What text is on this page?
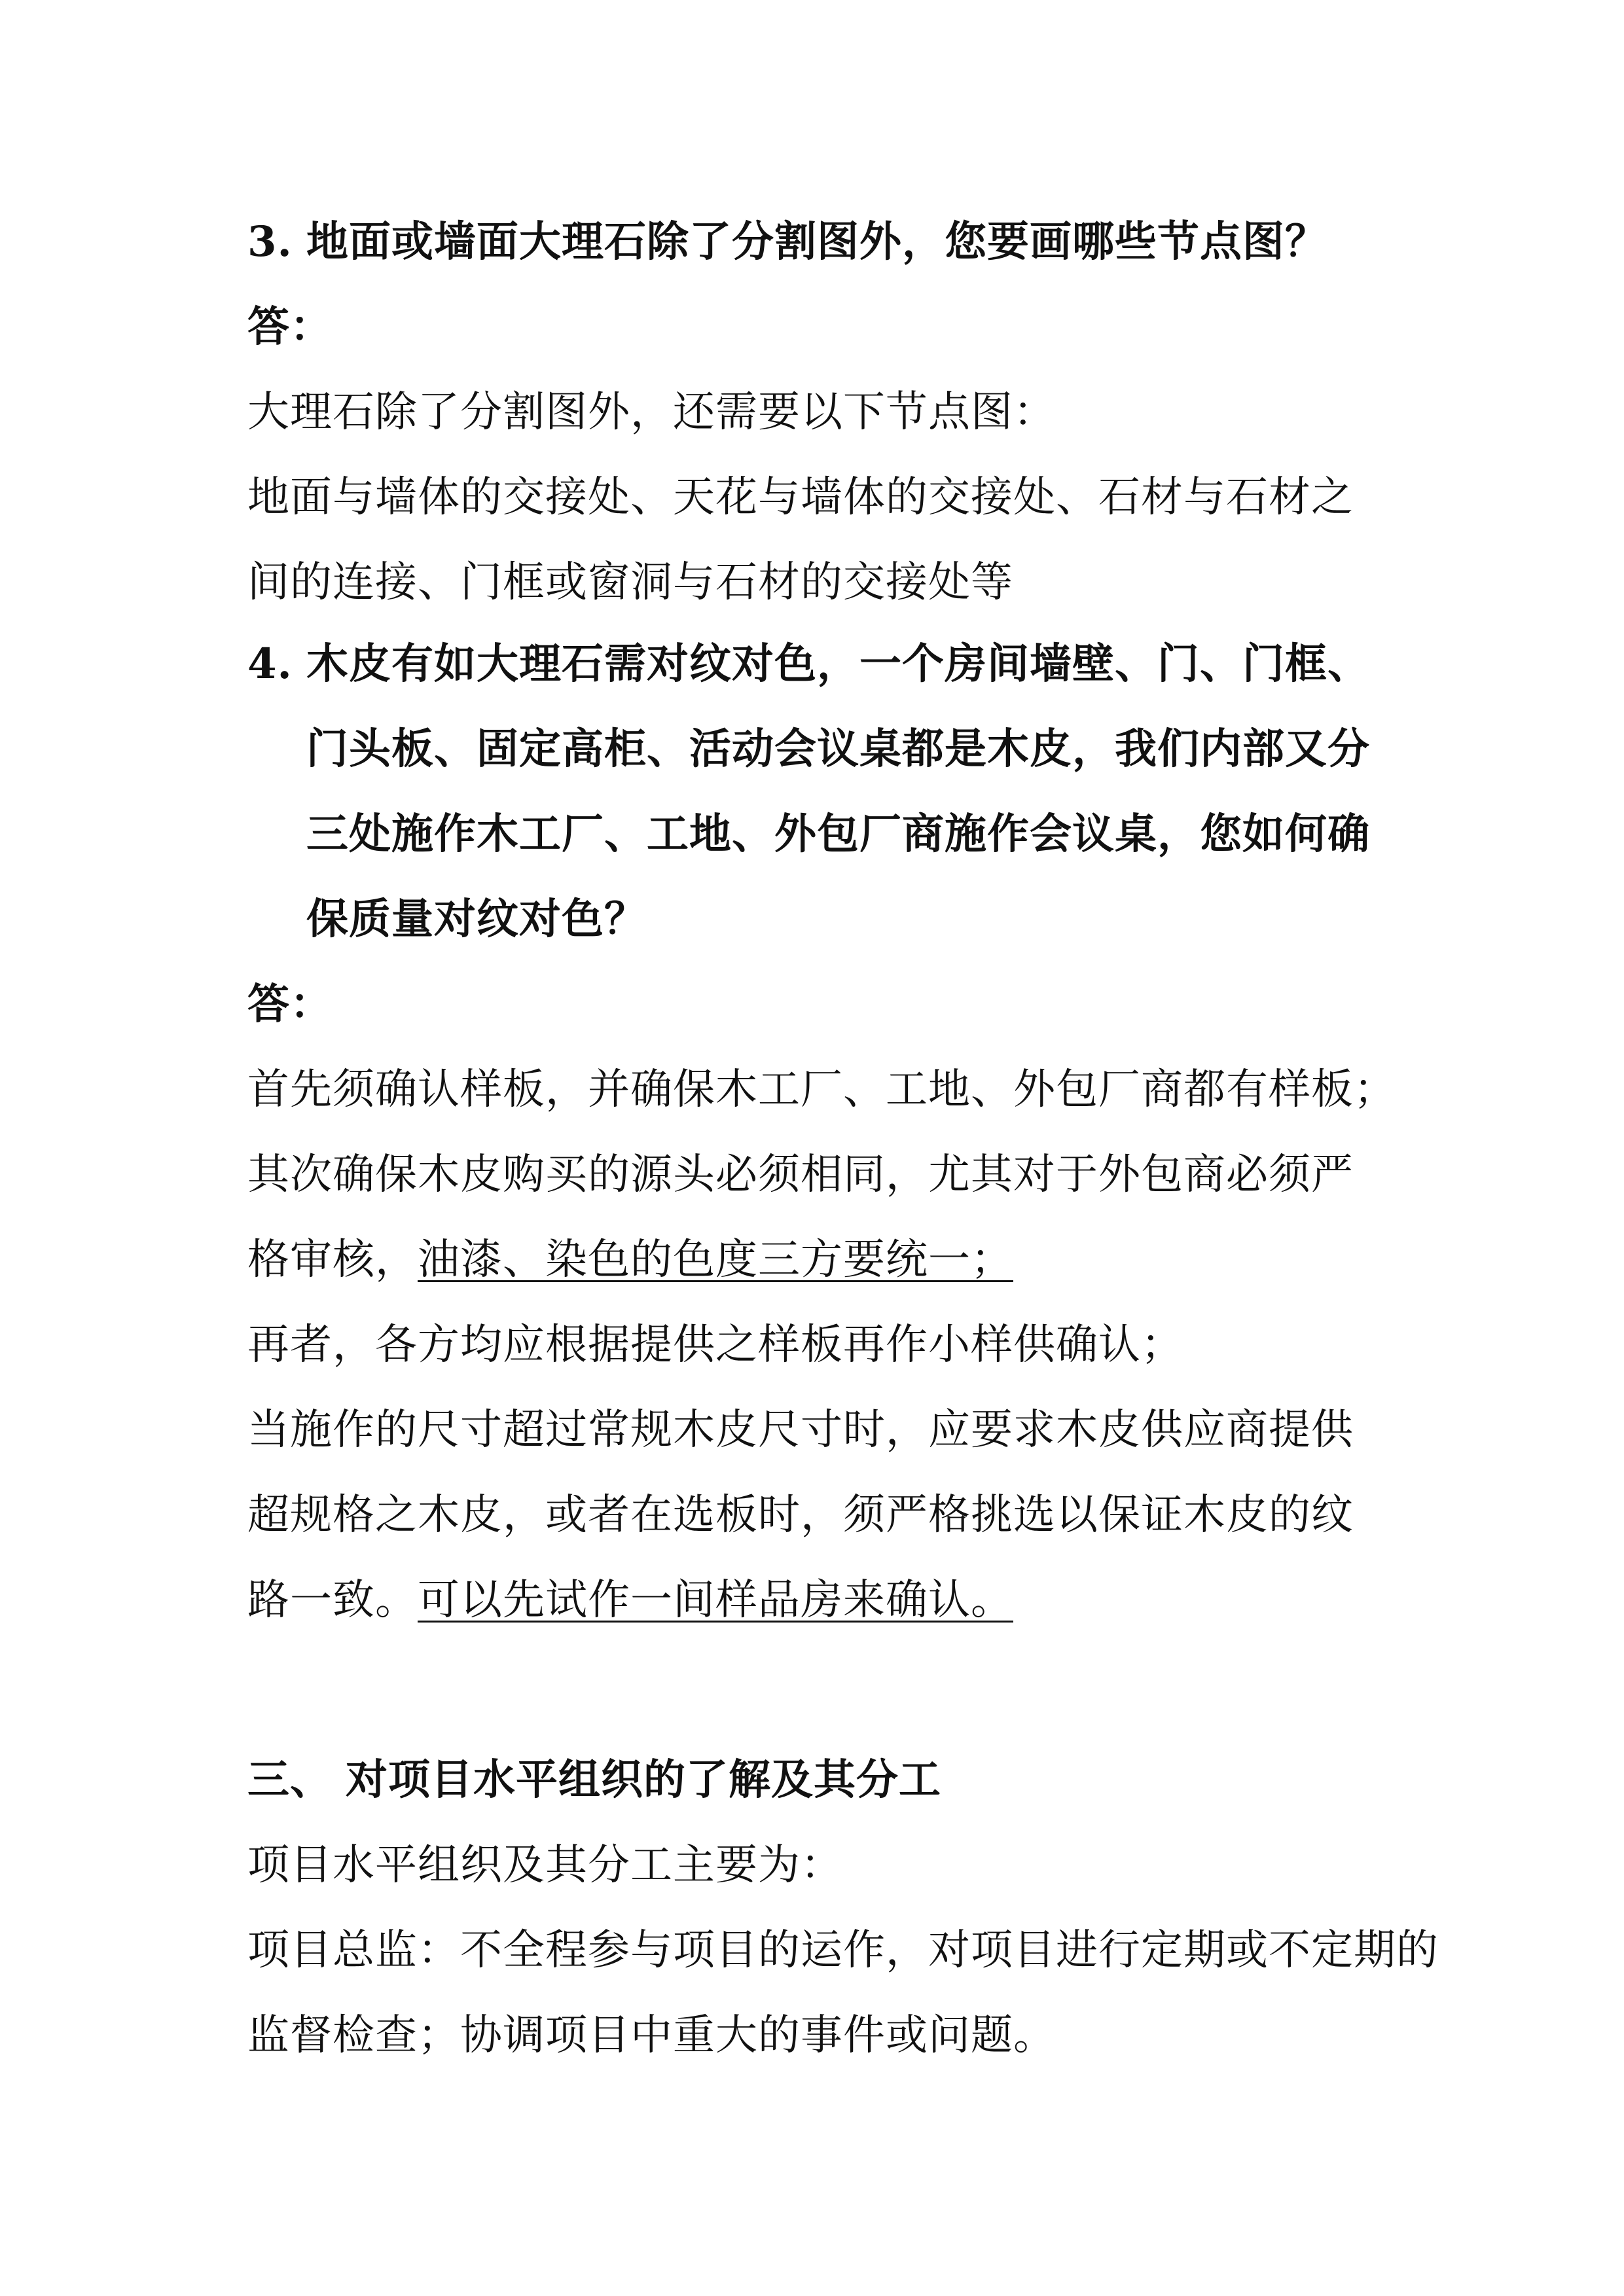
3. 地面或墙面大理石除了分割图外，您要画哪些节点图？
答：
大理石除了分割图外，还需要以下节点图：
地面与墙体的交接处、天花与墙体的交接处、石材与石材之
间的连接、门框或窗洞与石材的交接处等
4. 木皮有如大理石需对纹对色，一个房间墙壁、门、门框、
门头板、固定高柜、活动会议桌都是木皮，我们内部又分
三处施作木工厂、工地、外包厂商施作会议桌，您如何确
保质量对纹对色？
答：
首先须确认样板，并确保木工厂、工地、外包厂商都有样板；
其次确保木皮购买的源头必须相同，尤其对于外包商必须严
格审核，油漆、染色的色度三方要统一；
再者，各方均应根据提供之样板再作小样供确认；
当施作的尺寸超过常规木皮尺寸时，应要求木皮供应商提供
超规格之木皮，或者在选板时，须严格挑选以保证木皮的纹
路一致。可以先试作一间样品房来确认。
三、 对项目水平组织的了解及其分工
项目水平组织及其分工主要为：
项目总监：不全程参与项目的运作，对项目进行定期或不定期的
监督检查；协调项目中重大的事件或问题。
